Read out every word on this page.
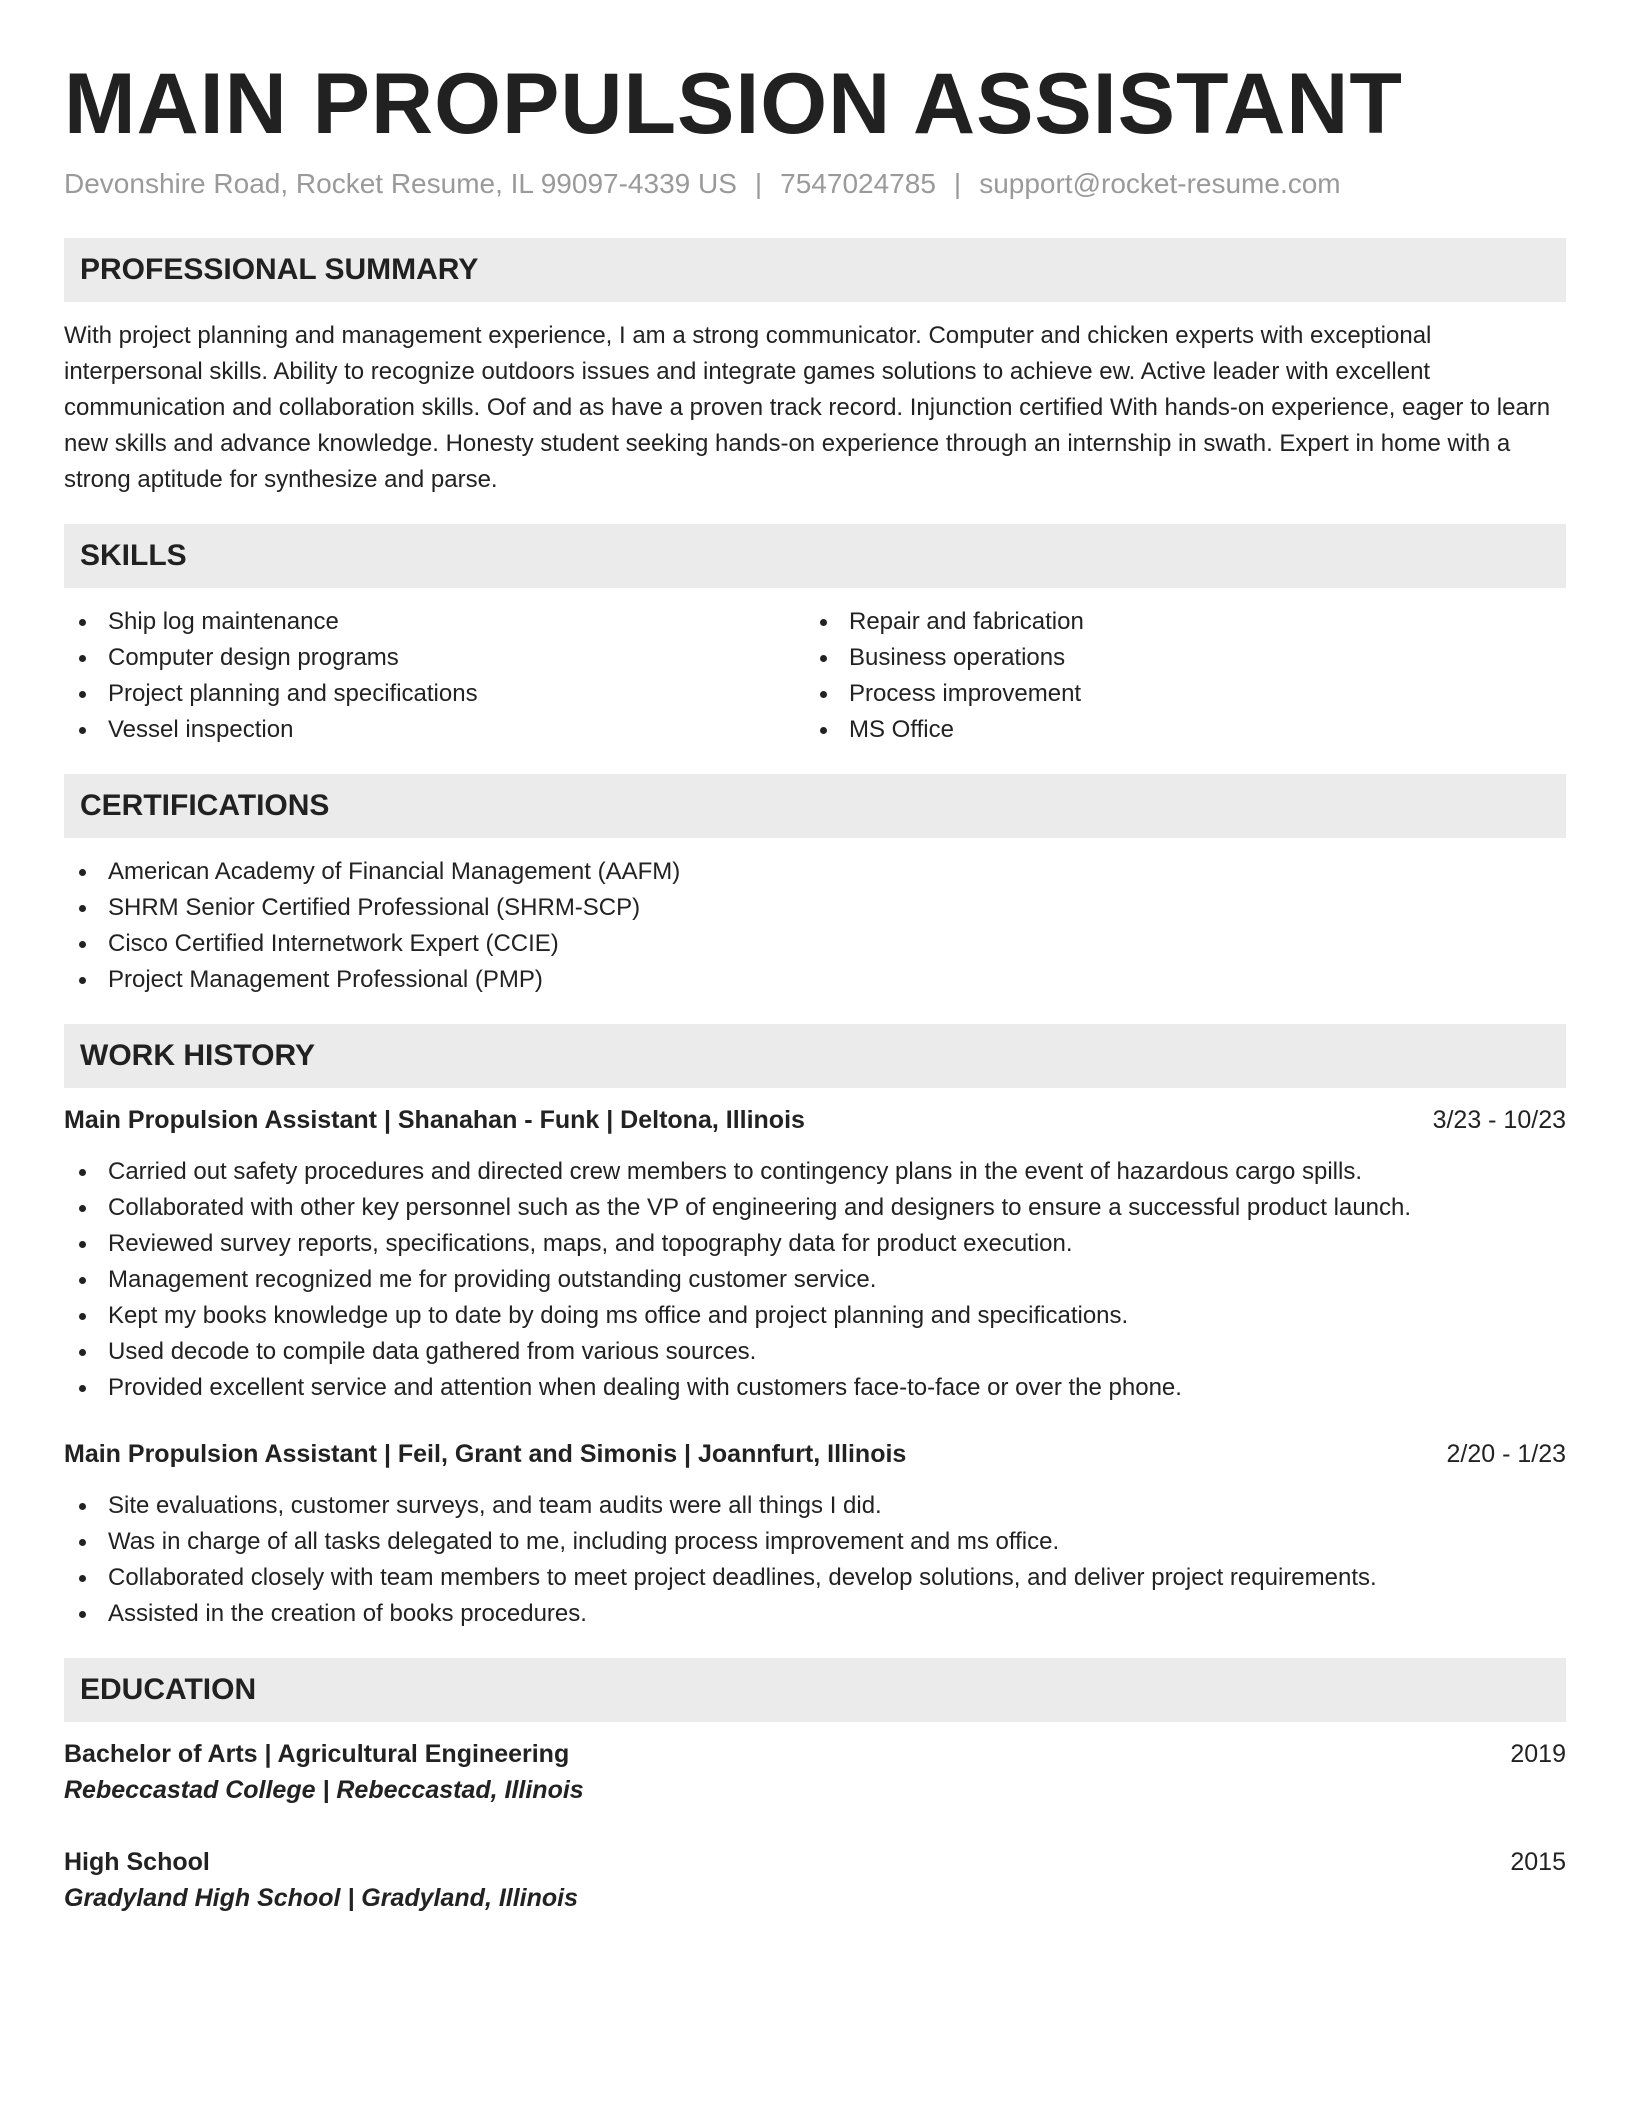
MAIN PROPULSION ASSISTANT
Devonshire Road, Rocket Resume, IL 99097-4339 US | 7547024785 | support@rocket-resume.com
PROFESSIONAL SUMMARY

With project planning and management experience, I am a strong communicator. Computer and chicken experts with exceptional interpersonal skills. Ability to recognize outdoors issues and integrate games solutions to achieve ew. Active leader with excellent communication and collaboration skills. Oof and as have a proven track record. Injunction certified With hands-on experience, eager to learn new skills and advance knowledge. Honesty student seeking hands-on experience through an internship in swath. Expert in home with a strong aptitude for synthesize and parse.

SKILLS
Ship log maintenance
Computer design programs
Project planning and specifications
Vessel inspection
Repair and fabrication
Business operations
Process improvement
MS Office
CERTIFICATIONS
American Academy of Financial Management (AAFM)
SHRM Senior Certified Professional (SHRM-SCP)
Cisco Certified Internetwork Expert (CCIE)
Project Management Professional (PMP)
WORK HISTORY
Main Propulsion Assistant | Shanahan - Funk | Deltona, Illinois	3/23 - 10/23
Carried out safety procedures and directed crew members to contingency plans in the event of hazardous cargo spills.
Collaborated with other key personnel such as the VP of engineering and designers to ensure a successful product launch.
Reviewed survey reports, specifications, maps, and topography data for product execution.
Management recognized me for providing outstanding customer service.
Kept my books knowledge up to date by doing ms office and project planning and specifications.
Used decode to compile data gathered from various sources.
Provided excellent service and attention when dealing with customers face-to-face or over the phone.
Main Propulsion Assistant | Feil, Grant and Simonis | Joannfurt, Illinois	2/20 - 1/23
Site evaluations, customer surveys, and team audits were all things I did.
Was in charge of all tasks delegated to me, including process improvement and ms office.
Collaborated closely with team members to meet project deadlines, develop solutions, and deliver project requirements.
Assisted in the creation of books procedures.
EDUCATION
Bachelor of Arts | Agricultural Engineering	2019
Rebeccastad College | Rebeccastad, Illinois
High School	2015
Gradyland High School | Gradyland, Illinois
